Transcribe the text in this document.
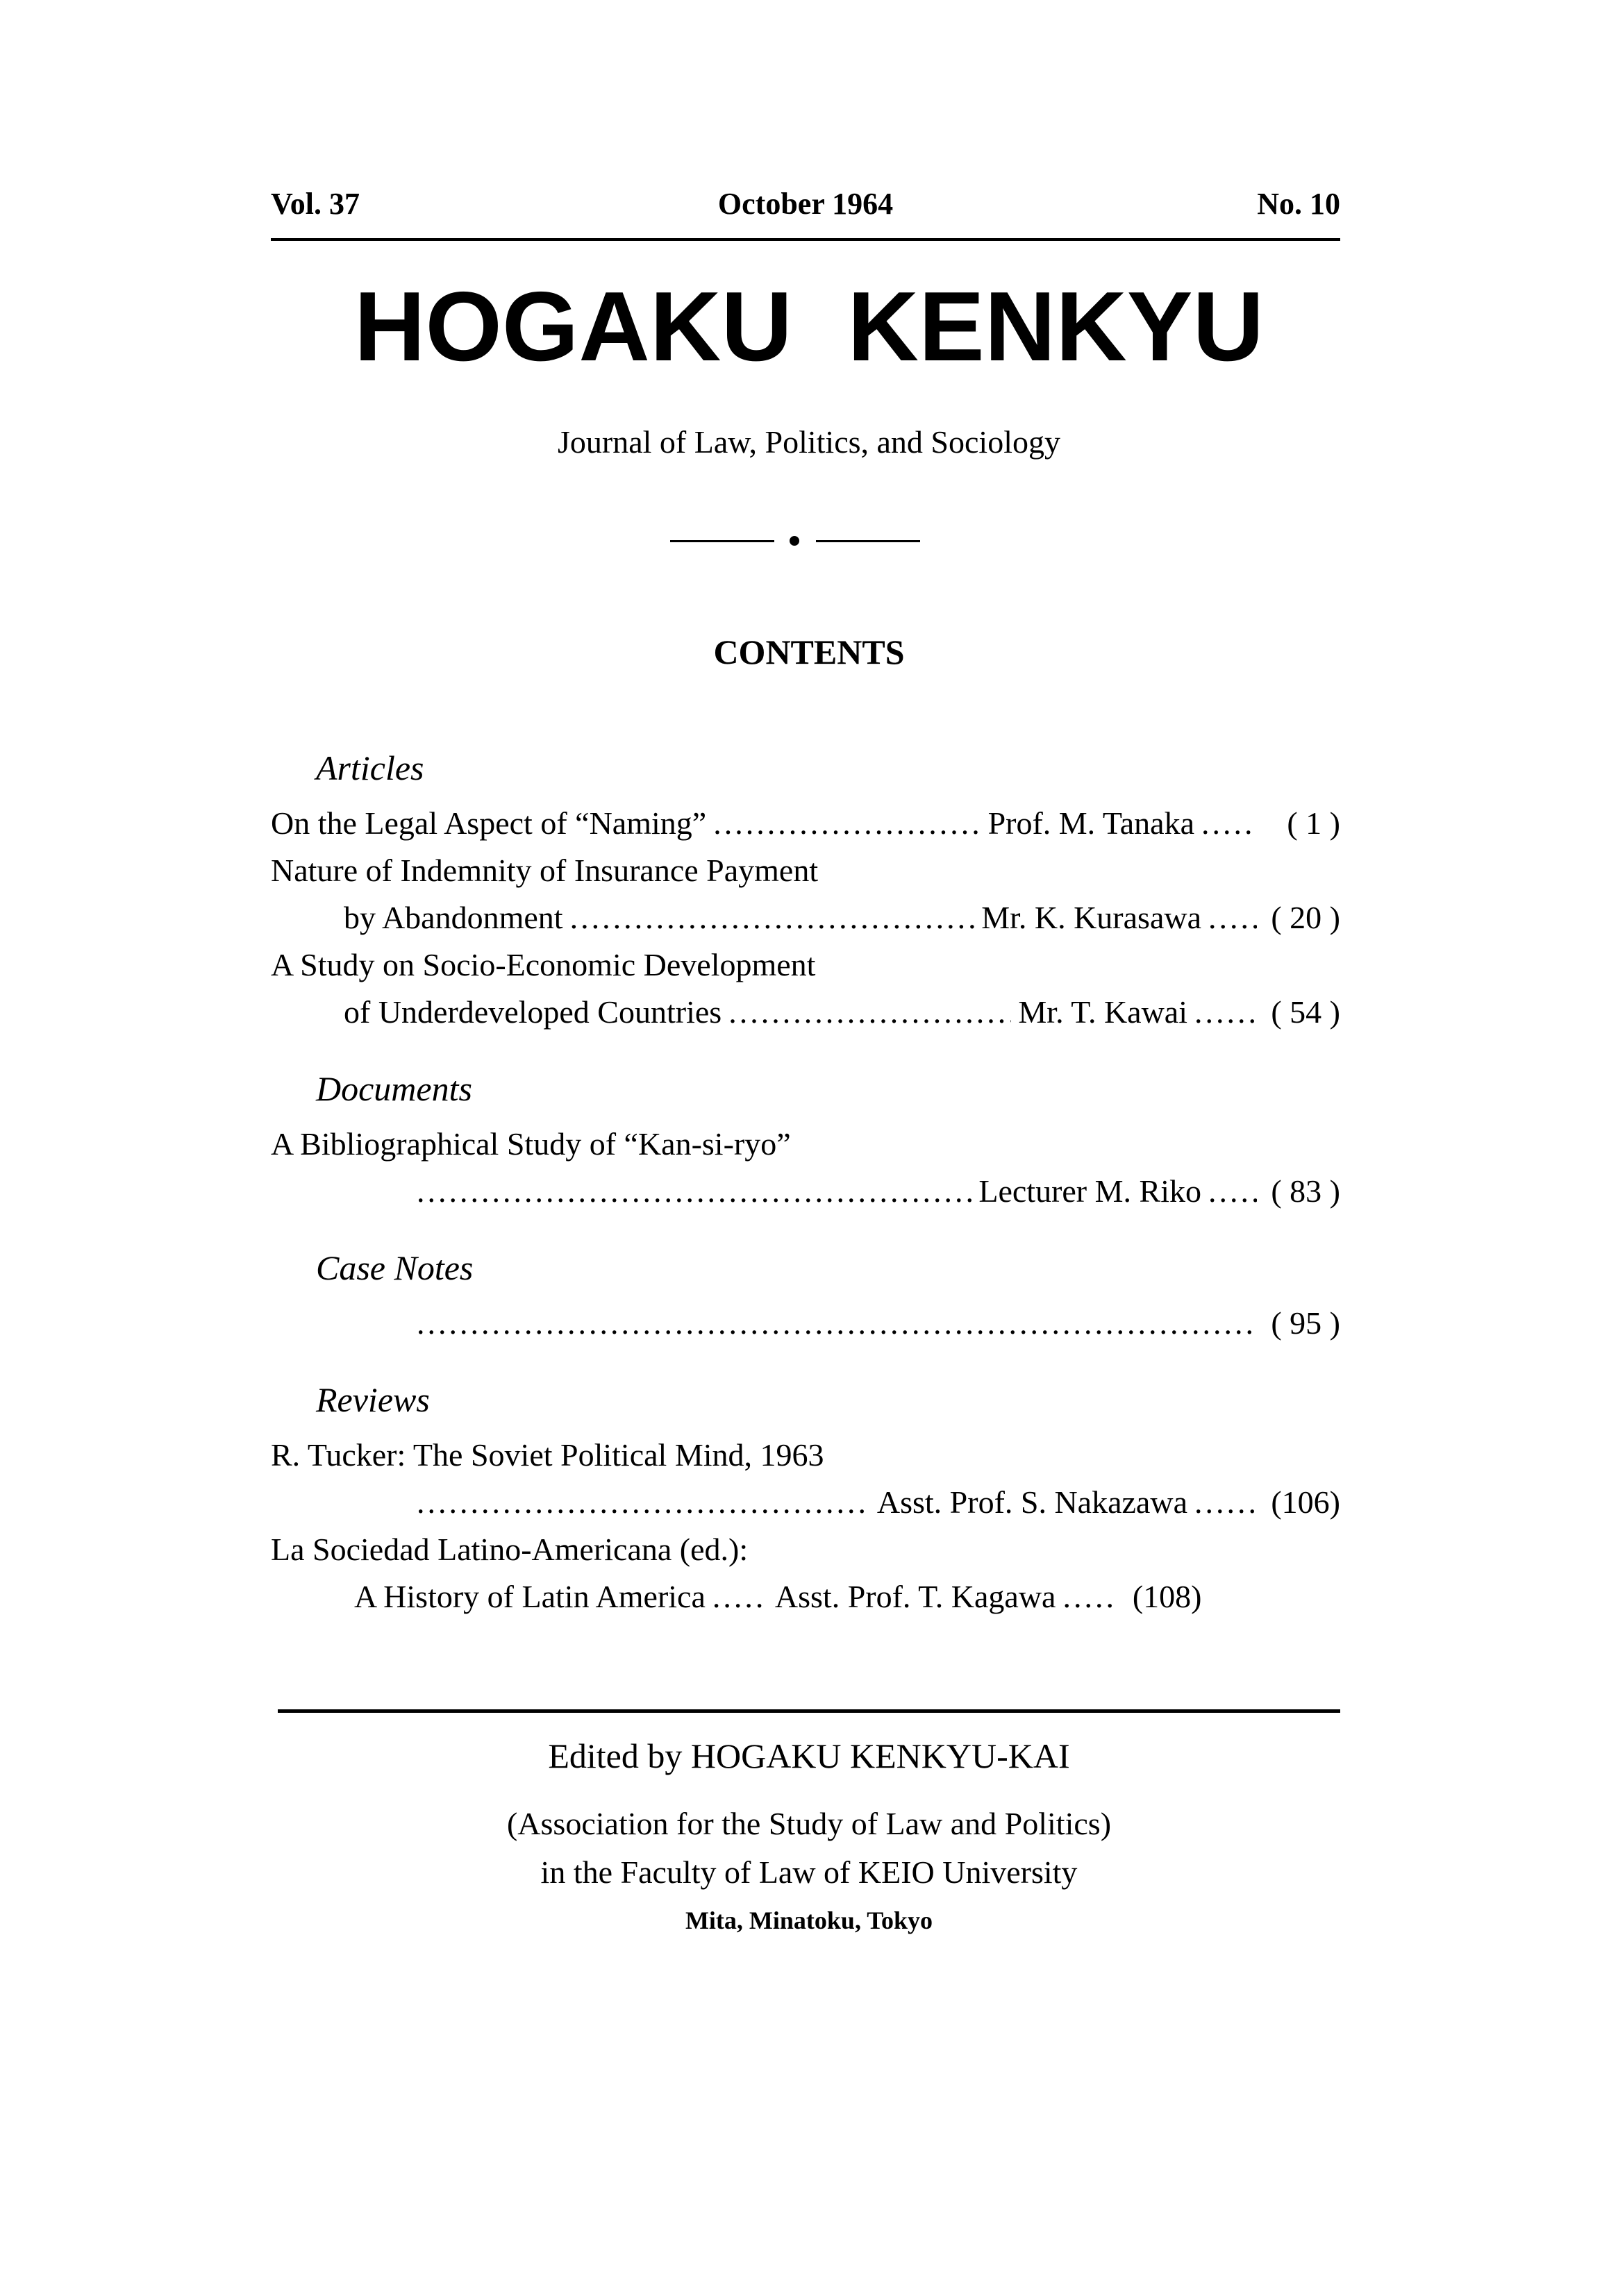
Vol. 37	October 1964	No. 10
HOGAKU KENKYU
Journal of Law, Politics, and Sociology
CONTENTS
Articles
On the Legal Aspect of “Naming” .....	Prof. M. Tanaka .....	( 1 )
Nature of Indemnity of Insurance Payment
by Abandonment .....	Mr. K. Kurasawa ..... ( 20 )
A Study on Socio-Economic Development
of Underdeveloped Countries .....	Mr. T. Kawai .....	( 54 )
Documents
A Bibliographical Study of “Kan-si-ryo”
.....
Lecturer M. Riko ..... ( 83 )
Case Notes
.....
( 95 )
Reviews
R. Tucker: The Soviet Political Mind, 1963
.....
Asst. Prof. S. Nakazawa .....	(106)
La Sociedad Latino-Americana (ed.):
A History of Latin America ..... Asst. Prof. T. Kagawa ..... (108)
Edited by HOGAKU KENKYU-KAI
(Association for the Study of Law and Politics)
in the Faculty of Law of KEIO University
Mita, Minatoku, Tokyo
